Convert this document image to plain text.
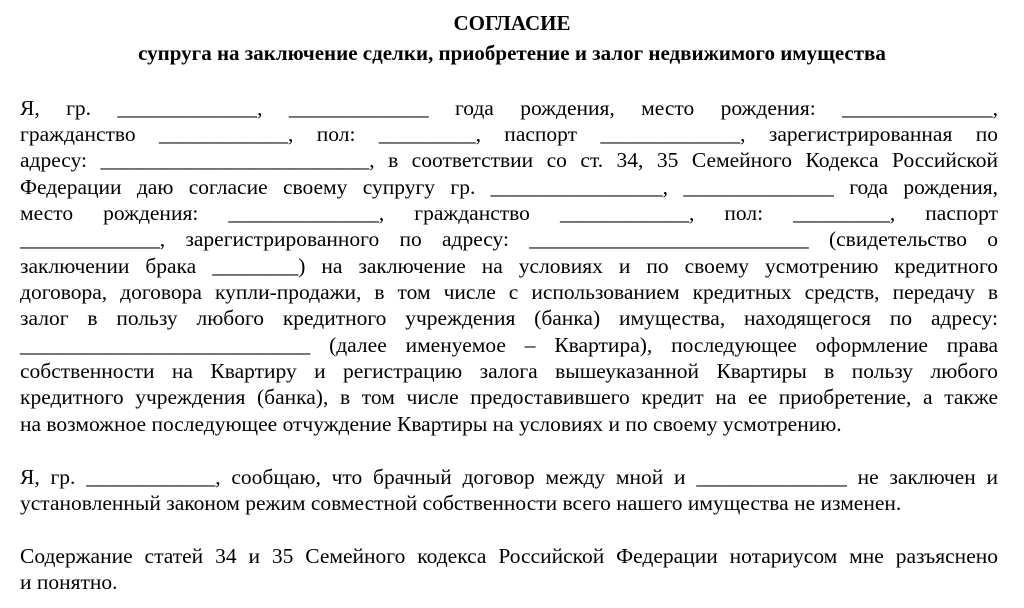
СОГЛАСИЕ
супруга на заключение сделки, приобретение и залог недвижимого имущества
Я, гр. _____________, _____________ года рождения, место рождения: ______________,
гражданство ____________, пол: _________, паспорт _____________, зарегистрированная по
адресу: _________________________, в соответствии со ст. 34, 35 Семейного Кодекса Российской
Федерации даю согласие своему супругу гр. ________________, ______________ года рождения,
место рождения: ______________, гражданство ____________, пол: _________, паспорт
_____________, зарегистрированного по адресу: __________________________ (свидетельство о
заключении брака ________) на заключение на условиях и по своему усмотрению кредитного
договора, договора купли-продажи, в том числе с использованием кредитных средств, передачу в
залог в пользу любого кредитного учреждения (банка) имущества, находящегося по адресу:
___________________________ (далее именуемое – Квартира), последующее оформление права
собственности на Квартиру и регистрацию залога вышеуказанной Квартиры в пользу любого
кредитного учреждения (банка), в том числе предоставившего кредит на ее приобретение, а также
на возможное последующее отчуждение Квартиры на условиях и по своему усмотрению.
Я, гр. ____________, сообщаю, что брачный договор между мной и ______________ не заключен и
установленный законом режим совместной собственности всего нашего имущества не изменен.
Содержание статей 34 и 35 Семейного кодекса Российской Федерации нотариусом мне разъяснено
и понятно.
